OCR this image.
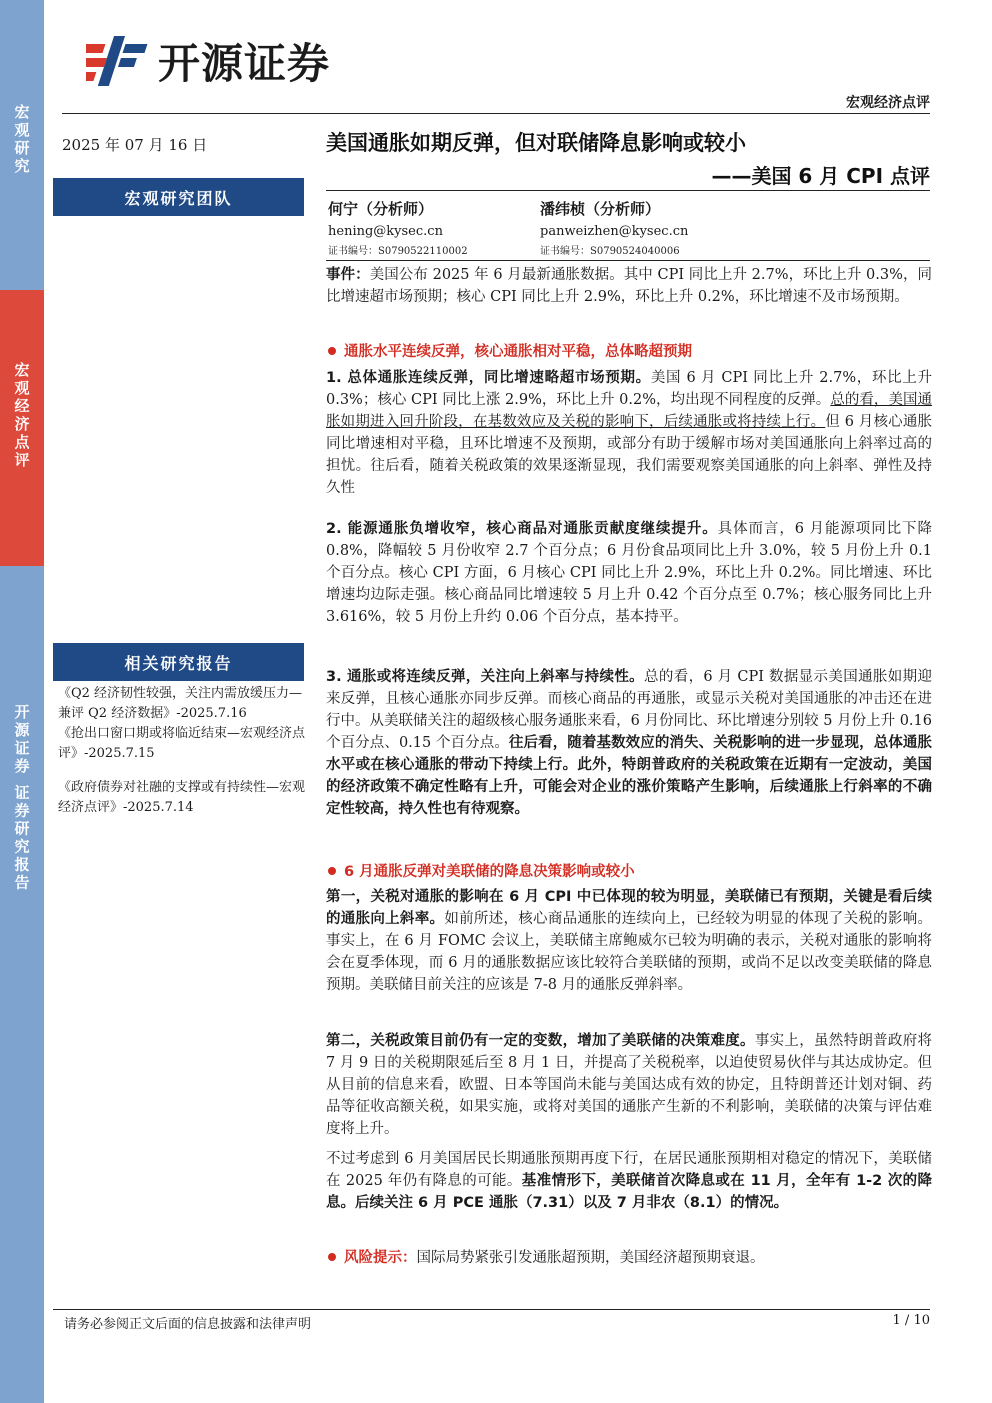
宏观研究
宏观经济点评
开源证券 证券研究报告
开源证券
宏观经济点评
2025 年 07 月 16 日
宏观研究团队
相关研究报告
《Q2 经济韧性较强，关注内需放缓压力—兼评 Q2 经济数据》-2025.7.16
《抢出口窗口期或将临近结束—宏观经济点评》-2025.7.15
《政府债券对社融的支撑或有持续性—宏观经济点评》-2025.7.14
美国通胀如期反弹，但对联储降息影响或较小
——美国 6 月 CPI 点评
何宁（分析师）
hening@kysec.cn
证书编号：S0790522110002
潘纬桢（分析师）
panweizhen@kysec.cn
证书编号：S0790524040006
事件：美国公布 2025 年 6 月最新通胀数据。其中 CPI 同比上升 2.7%，环比上升 0.3%，同比增速超市场预期；核心 CPI 同比上升 2.9%，环比上升 0.2%，环比增速不及市场预期。
通胀水平连续反弹，核心通胀相对平稳，总体略超预期
1. 总体通胀连续反弹，同比增速略超市场预期。美国 6 月 CPI 同比上升 2.7%，环比上升 0.3%；核心 CPI 同比上涨 2.9%，环比上升 0.2%，均出现不同程度的反弹。总的看，美国通胀如期进入回升阶段，在基数效应及关税的影响下，后续通胀或将持续上行。但 6 月核心通胀同比增速相对平稳，且环比增速不及预期，或部分有助于缓解市场对美国通胀向上斜率过高的担忧。往后看，随着关税政策的效果逐渐显现，我们需要观察美国通胀的向上斜率、弹性及持久性
2. 能源通胀负增收窄，核心商品对通胀贡献度继续提升。具体而言，6 月能源项同比下降 0.8%，降幅较 5 月份收窄 2.7 个百分点；6 月份食品项同比上升 3.0%，较 5 月份上升 0.1 个百分点。核心 CPI 方面，6 月核心 CPI 同比上升 2.9%，环比上升 0.2%。同比增速、环比增速均边际走强。核心商品同比增速较 5 月上升 0.42 个百分点至 0.7%；核心服务同比上升 3.616%，较 5 月份上升约 0.06 个百分点，基本持平。
3. 通胀或将连续反弹，关注向上斜率与持续性。总的看，6 月 CPI 数据显示美国通胀如期迎来反弹，且核心通胀亦同步反弹。而核心商品的再通胀，或显示关税对美国通胀的冲击还在进行中。从美联储关注的超级核心服务通胀来看，6 月份同比、环比增速分别较 5 月份上升 0.16 个百分点、0.15 个百分点。往后看，随着基数效应的消失、关税影响的进一步显现，总体通胀水平或在核心通胀的带动下持续上行。此外，特朗普政府的关税政策在近期有一定波动，美国的经济政策不确定性略有上升，可能会对企业的涨价策略产生影响，后续通胀上行斜率的不确定性较高，持久性也有待观察。
6 月通胀反弹对美联储的降息决策影响或较小
第一，关税对通胀的影响在 6 月 CPI 中已体现的较为明显，美联储已有预期，关键是看后续的通胀向上斜率。如前所述，核心商品通胀的连续向上，已经较为明显的体现了关税的影响。事实上，在 6 月 FOMC 会议上，美联储主席鲍威尔已较为明确的表示，关税对通胀的影响将会在夏季体现，而 6 月的通胀数据应该比较符合美联储的预期，或尚不足以改变美联储的降息预期。美联储目前关注的应该是 7-8 月的通胀反弹斜率。
第二，关税政策目前仍有一定的变数，增加了美联储的决策难度。事实上，虽然特朗普政府将 7 月 9 日的关税期限延后至 8 月 1 日，并提高了关税税率，以迫使贸易伙伴与其达成协定。但从目前的信息来看，欧盟、日本等国尚未能与美国达成有效的协定，且特朗普还计划对铜、药品等征收高额关税，如果实施，或将对美国的通胀产生新的不利影响，美联储的决策与评估难度将上升。
不过考虑到 6 月美国居民长期通胀预期再度下行，在居民通胀预期相对稳定的情况下，美联储在 2025 年仍有降息的可能。基准情形下，美联储首次降息或在 11 月，全年有 1-2 次的降息。后续关注 6 月 PCE 通胀（7.31）以及 7 月非农（8.1）的情况。
风险提示：国际局势紧张引发通胀超预期，美国经济超预期衰退。
请务必参阅正文后面的信息披露和法律声明	1 / 10
